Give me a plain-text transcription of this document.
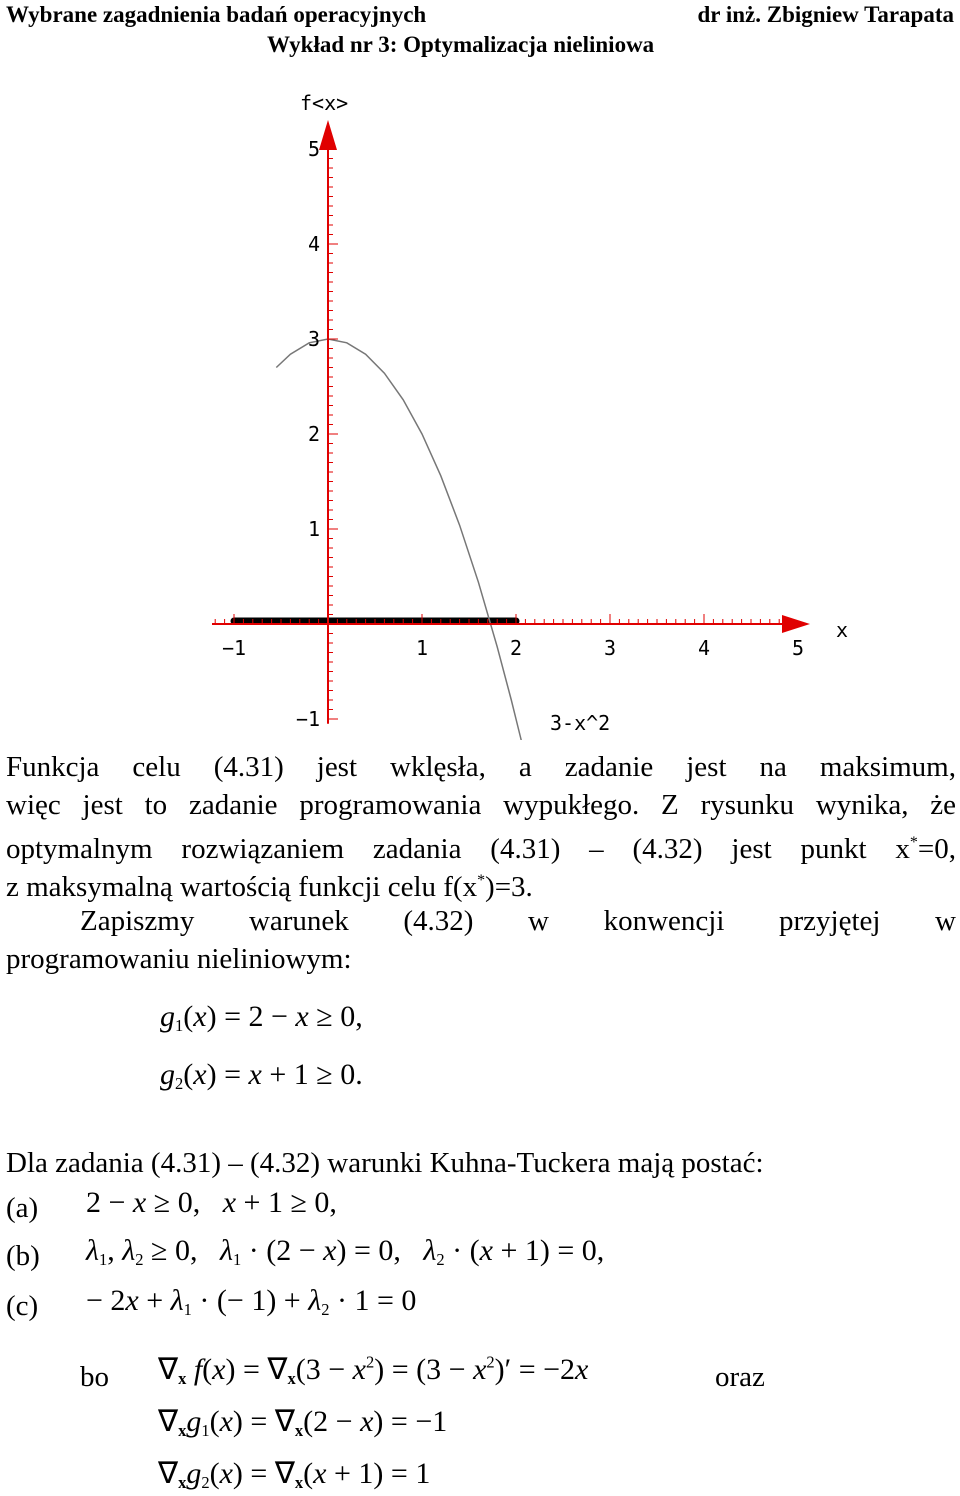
Wybrane zagadnienia badań operacyjnych	dr inż. Zbigniew Tarapata
Wykład nr 3: Optymalizacja nieliniowa
−1	1	2	3	4	5
5
4
3
2
1
−1
f<x>
x
3-x^2
Funkcja celu (4.31) jest wklęsła, a zadanie jest na maksimum,
więc jest to zadanie programowania wypukłego. Z rysunku wynika, że
optymalnym rozwiązaniem zadania (4.31) – (4.32) jest punkt x*=0,
z maksymalną wartością funkcji celu f(x*)=3.
Zapiszmy warunek (4.32) w konwencji przyjętej w
programowaniu nieliniowym:
$g_1(x) = 2 - x \ge 0$,
$g_2(x) = x + 1 \ge 0$.
Dla zadania (4.31) – (4.32) warunki Kuhna-Tuckera mają postać:
(a) 2 − x ≥ 0,   x + 1 ≥ 0,
(b) $\lambda_1$, $\lambda_2 \ge 0$,   $\lambda_1 \cdot (2 - x) = 0$,   $\lambda_2 \cdot (x + 1) = 0$,
$(c) - 2x + \lambda_1$ · (− $1) + \lambda_2 \cdot 1 = 0$
bo	$\nabla_x$ $f(x) = \nabla_x(3 - x^2) = (3 - x^2)' = -2x$	oraz
$\nabla_xg_1(x) = \nabla_x(2 - x) = -1$
$\nabla_xg_2(x) = \nabla_x(x + 1) = 1$
